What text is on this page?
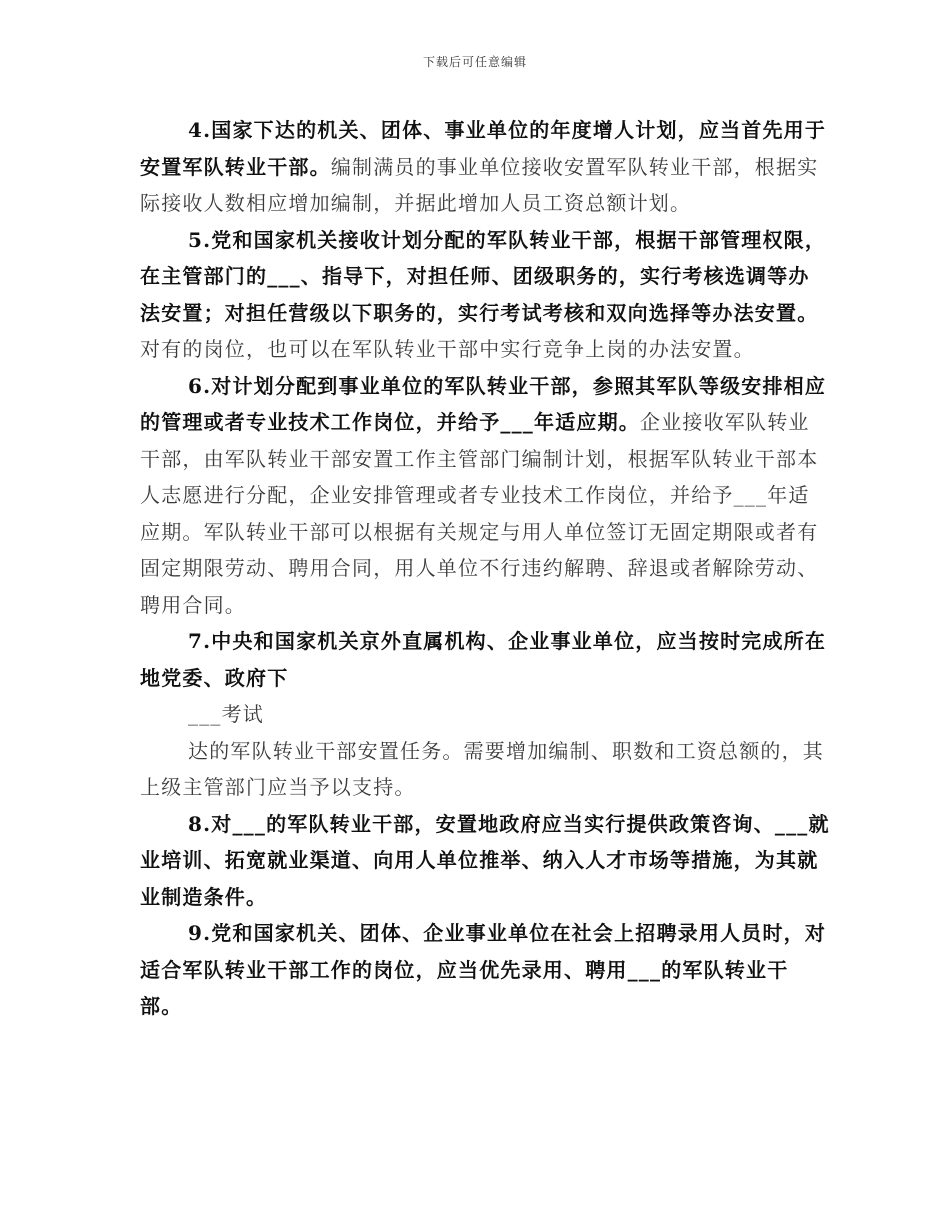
下载后可任意编辑

4.国家下达的机关、团体、事业单位的年度增人计划，应当首先用于安置军队转业干部。编制满员的事业单位接收安置军队转业干部，根据实际接收人数相应增加编制，并据此增加人员工资总额计划。

5.党和国家机关接收计划分配的军队转业干部，根据干部管理权限，在主管部门的___、指导下，对担任师、团级职务的，实行考核选调等办法安置；对担任营级以下职务的，实行考试考核和双向选择等办法安置。对有的岗位，也可以在军队转业干部中实行竞争上岗的办法安置。

6.对计划分配到事业单位的军队转业干部，参照其军队等级安排相应的管理或者专业技术工作岗位，并给予___年适应期。企业接收军队转业干部，由军队转业干部安置工作主管部门编制计划，根据军队转业干部本人志愿进行分配，企业安排管理或者专业技术工作岗位，并给予___年适应期。军队转业干部可以根据有关规定与用人单位签订无固定期限或者有固定期限劳动、聘用合同，用人单位不行违约解聘、辞退或者解除劳动、聘用合同。

7.中央和国家机关京外直属机构、企业事业单位，应当按时完成所在地党委、政府下

___考试

达的军队转业干部安置任务。需要增加编制、职数和工资总额的，其上级主管部门应当予以支持。

8.对___的军队转业干部，安置地政府应当实行提供政策咨询、___就业培训、拓宽就业渠道、向用人单位推举、纳入人才市场等措施，为其就业制造条件。

9.党和国家机关、团体、企业事业单位在社会上招聘录用人员时，对适合军队转业干部工作的岗位，应当优先录用、聘用___的军队转业干部。
